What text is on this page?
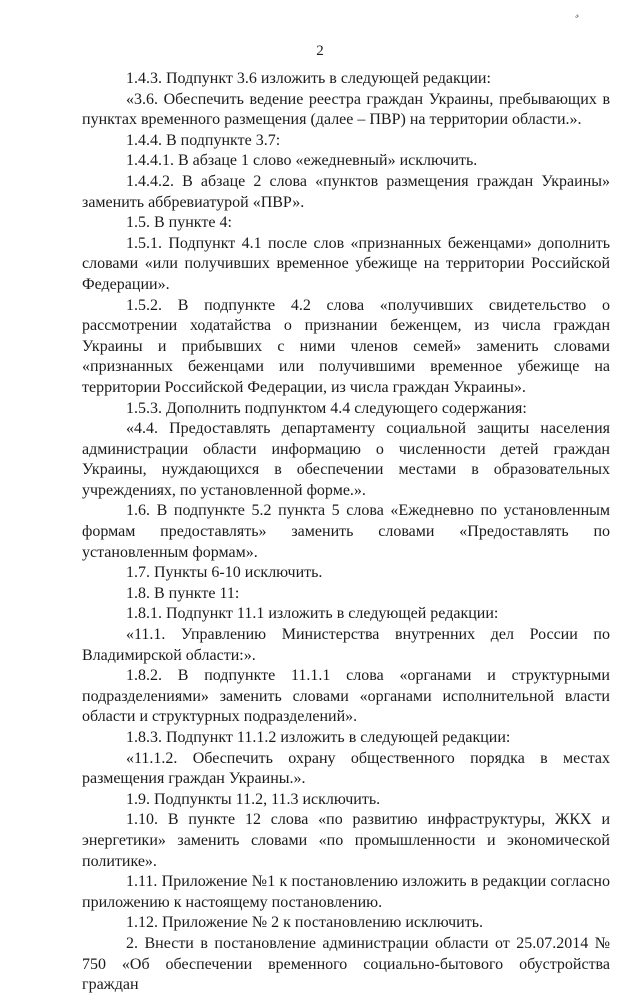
2

1.4.3. Подпункт 3.6 изложить в следующей редакции:

«3.6. Обеспечить ведение реестра граждан Украины, пребывающих в пунктах временного размещения (далее – ПВР) на территории области.».

1.4.4. В подпункте 3.7:

1.4.4.1. В абзаце 1 слово «ежедневный» исключить.

1.4.4.2. В абзаце 2 слова «пунктов размещения граждан Украины» заменить аббревиатурой «ПВР».

1.5. В пункте 4:

1.5.1. Подпункт 4.1 после слов «признанных беженцами» дополнить словами «или получивших временное убежище на территории Российской Федерации».

1.5.2. В подпункте 4.2 слова «получивших свидетельство о рассмотрении ходатайства о признании беженцем, из числа граждан Украины и прибывших с ними членов семей» заменить словами «признанных беженцами или получившими временное убежище на территории Российской Федерации, из числа граждан Украины».

1.5.3. Дополнить подпунктом 4.4 следующего содержания:

«4.4. Предоставлять департаменту социальной защиты населения администрации области информацию о численности детей граждан Украины, нуждающихся в обеспечении местами в образовательных учреждениях, по установленной форме.».

1.6. В подпункте 5.2 пункта 5 слова «Ежедневно по установленным формам предоставлять» заменить словами «Предоставлять по установленным формам».

1.7. Пункты 6-10 исключить.

1.8. В пункте 11:

1.8.1. Подпункт 11.1 изложить в следующей редакции:

«11.1. Управлению Министерства внутренних дел России по Владимирской области:».

1.8.2. В подпункте 11.1.1 слова «органами и структурными подразделениями» заменить словами «органами исполнительной власти области и структурных подразделений».

1.8.3. Подпункт 11.1.2 изложить в следующей редакции:

«11.1.2. Обеспечить охрану общественного порядка в местах размещения граждан Украины.».

1.9. Подпункты 11.2, 11.3 исключить.

1.10. В пункте 12 слова «по развитию инфраструктуры, ЖКХ и энергетики» заменить словами «по промышленности и экономической политике».

1.11. Приложение №1 к постановлению изложить в редакции согласно приложению к настоящему постановлению.

1.12. Приложение № 2 к постановлению исключить.

2. Внести в постановление администрации области от 25.07.2014 № 750 «Об обеспечении временного социально-бытового обустройства граждан
